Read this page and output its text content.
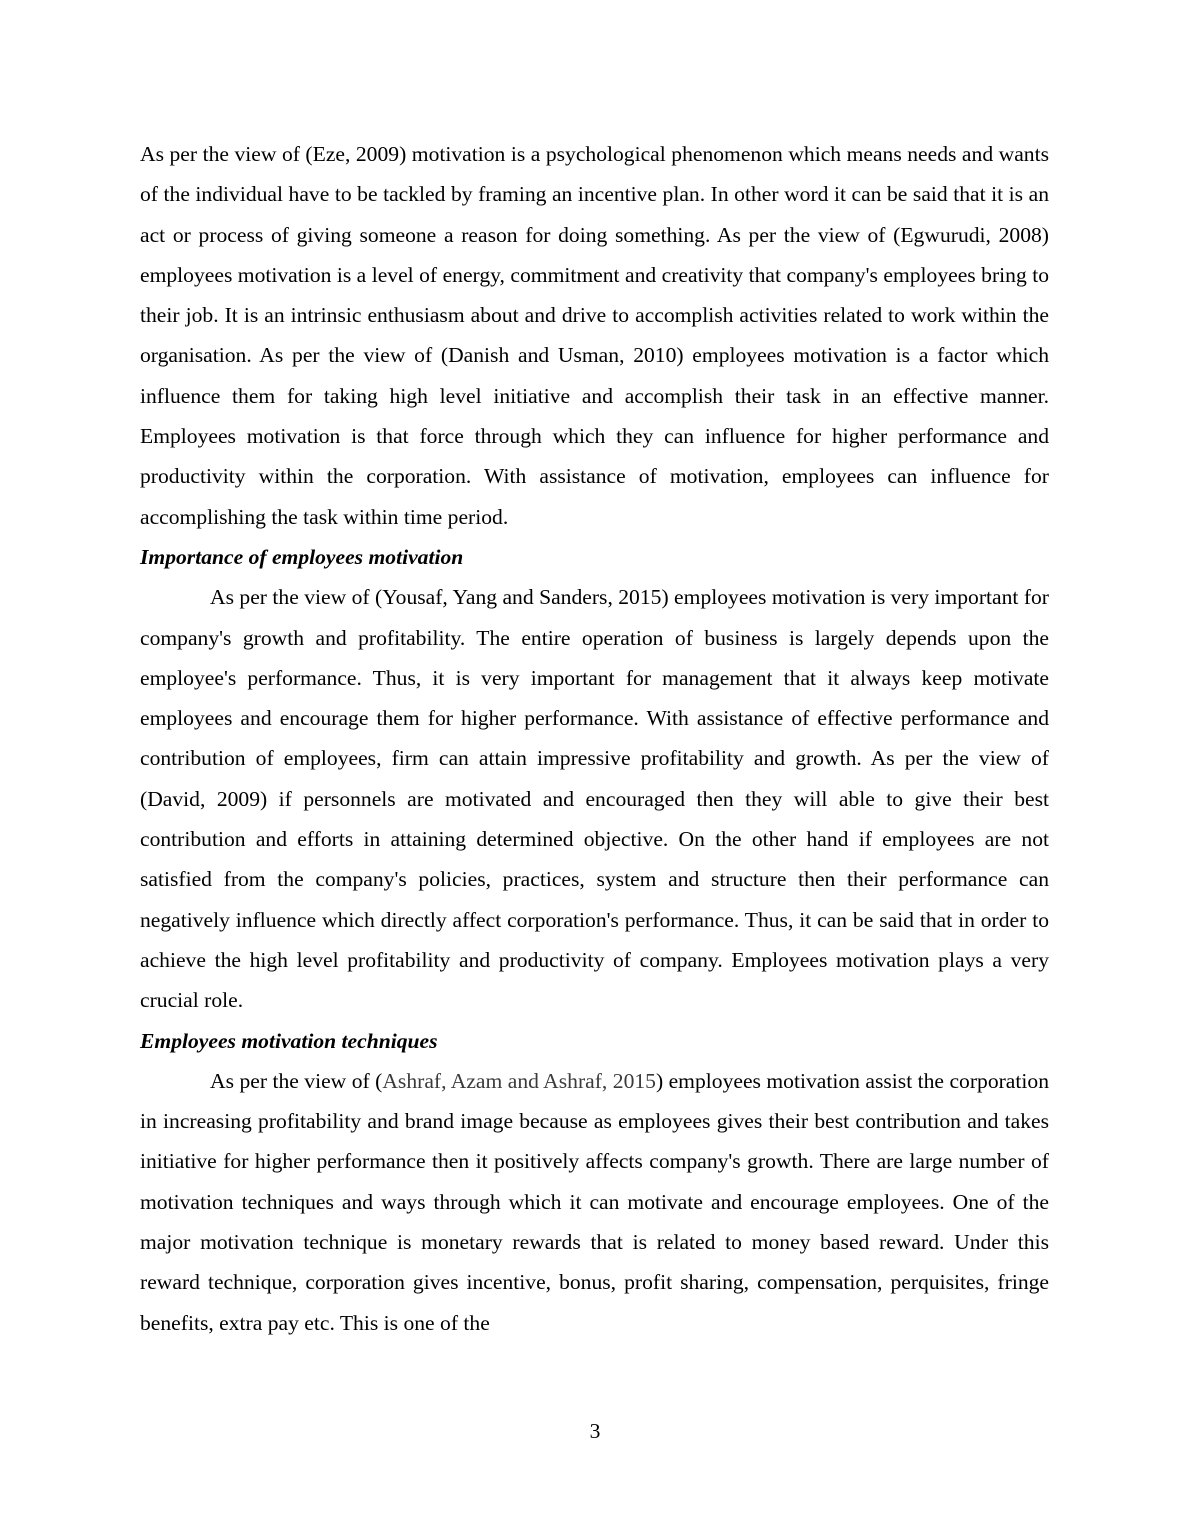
As per the view of (Eze, 2009) motivation is a psychological phenomenon which means needs and wants of the individual have to be tackled by framing an incentive plan. In other word it can be said that it is an act or process of giving someone a reason for doing something. As per the view of (Egwurudi, 2008) employees motivation is a level of energy, commitment and creativity that company's employees bring to their job. It is an intrinsic enthusiasm about and drive to accomplish activities related to work within the organisation. As per the view of (Danish and Usman, 2010) employees motivation is a factor which influence them for taking high level initiative and accomplish their task in an effective manner. Employees motivation is that force through which they can influence for higher performance and productivity within the corporation. With assistance of motivation, employees can influence for accomplishing the task within time period.

Importance of employees motivation

As per the view of (Yousaf, Yang and Sanders, 2015) employees motivation is very important for company's growth and profitability. The entire operation of business is largely depends upon the employee's performance. Thus, it is very important for management that it always keep motivate employees and encourage them for higher performance. With assistance of effective performance and contribution of employees, firm can attain impressive profitability and growth. As per the view of (David, 2009) if personnels are motivated and encouraged then they will able to give their best contribution and efforts in attaining determined objective. On the other hand if employees are not satisfied from the company's policies, practices, system and structure then their performance can negatively influence which directly affect corporation's performance. Thus, it can be said that in order to achieve the high level profitability and productivity of company. Employees motivation plays a very crucial role.

Employees motivation techniques

As per the view of (Ashraf, Azam and Ashraf, 2015) employees motivation assist the corporation in increasing profitability and brand image because as employees gives their best contribution and takes initiative for higher performance then it positively affects company's growth. There are large number of motivation techniques and ways through which it can motivate and encourage employees. One of the major motivation technique is monetary rewards that is related to money based reward. Under this reward technique, corporation gives incentive, bonus, profit sharing, compensation, perquisites, fringe benefits, extra pay etc. This is one of the

3
